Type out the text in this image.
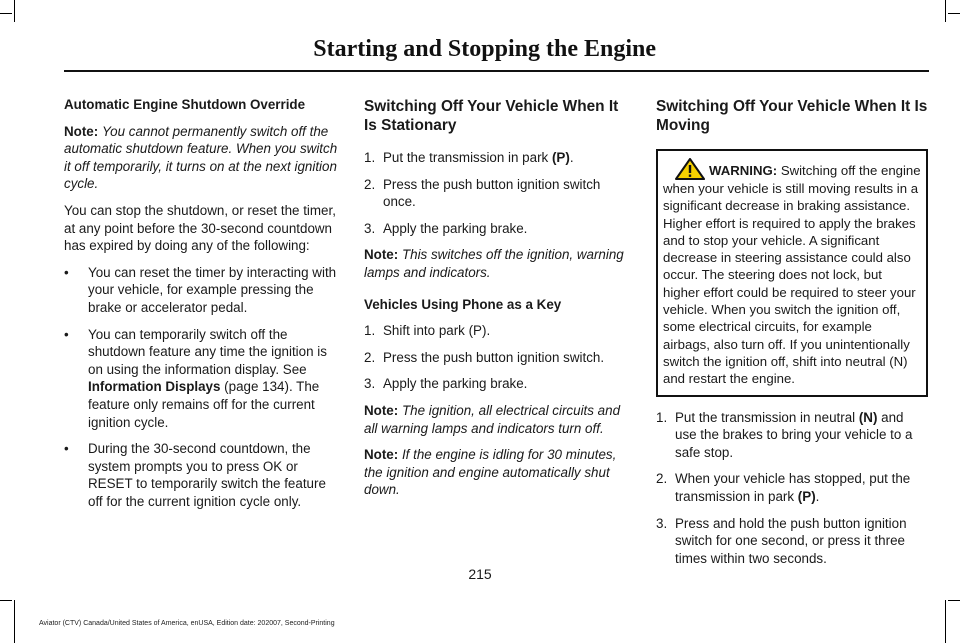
Starting and Stopping the Engine

Automatic Engine Shutdown Override

Note: You cannot permanently switch off the automatic shutdown feature. When you switch it off temporarily, it turns on at the next ignition cycle.

You can stop the shutdown, or reset the timer, at any point before the 30-second countdown has expired by doing any of the following:

• You can reset the timer by interacting with your vehicle, for example pressing the brake or accelerator pedal.
• You can temporarily switch off the shutdown feature any time the ignition is on using the information display. See Information Displays (page 134). The feature only remains off for the current ignition cycle.
• During the 30-second countdown, the system prompts you to press OK or RESET to temporarily switch the feature off for the current ignition cycle only.
Switching Off Your Vehicle When It Is Stationary
1. Put the transmission in park (P).
2. Press the push button ignition switch once.
3. Apply the parking brake.

Note: This switches off the ignition, warning lamps and indicators.

Vehicles Using Phone as a Key

1. Shift into park (P).
2. Press the push button ignition switch.
3. Apply the parking brake.

Note: The ignition, all electrical circuits and all warning lamps and indicators turn off.

Note: If the engine is idling for 30 minutes, the ignition and engine automatically shut down.

Switching Off Your Vehicle When It Is Moving
WARNING: Switching off the engine when your vehicle is still moving results in a significant decrease in braking assistance. Higher effort is required to apply the brakes and to stop your vehicle. A significant decrease in steering assistance could also occur. The steering does not lock, but higher effort could be required to steer your vehicle. When you switch the ignition off, some electrical circuits, for example airbags, also turn off. If you unintentionally switch the ignition off, shift into neutral (N) and restart the engine.
1. Put the transmission in neutral (N) and use the brakes to bring your vehicle to a safe stop.
2. When your vehicle has stopped, put the transmission in park (P).
3. Press and hold the push button ignition switch for one second, or press it three times within two seconds.
215
Aviator (CTV) Canada/United States of America, enUSA, Edition date: 202007, Second-Printing
